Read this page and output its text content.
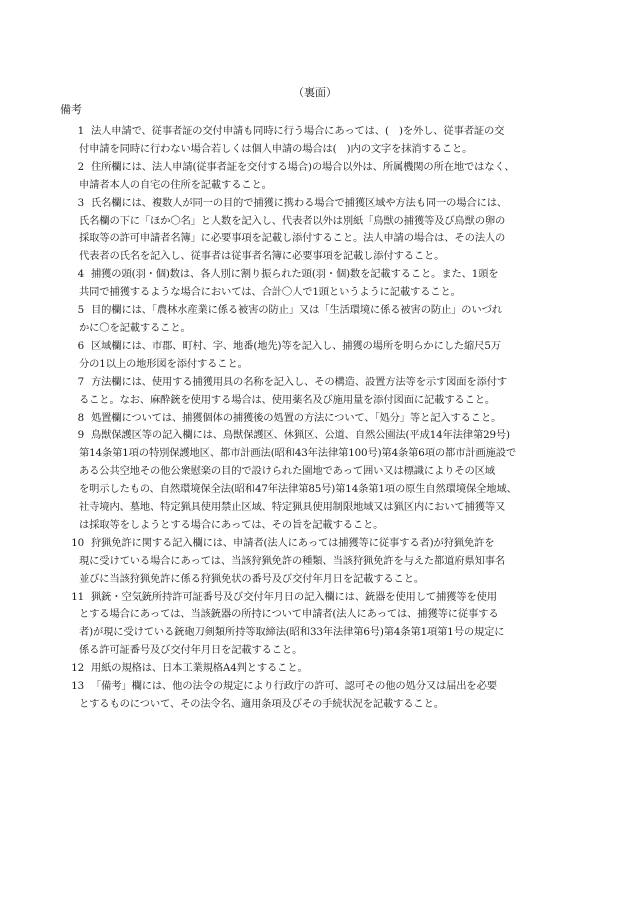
（裏面）
備考
1 法人申請で、従事者証の交付申請も同時に行う場合にあっては、(　)を外し、従事者証の交
付申請を同時に行わない場合若しくは個人申請の場合は(　)内の文字を抹消すること。
2 住所欄には、法人申請(従事者証を交付する場合)の場合以外は、所属機関の所在地ではなく、
申請者本人の自宅の住所を記載すること。
3 氏名欄には、複数人が同一の目的で捕獲に携わる場合で捕獲区域や方法も同一の場合には、
氏名欄の下に「ほか〇名」と人数を記入し、代表者以外は別紙「鳥獣の捕獲等及び鳥獣の卵の
採取等の許可申請者名簿」に必要事項を記載し添付すること。法人申請の場合は、その法人の
代表者の氏名を記入し、従事者は従事者名簿に必要事項を記載し添付すること。
4 捕獲の頭(羽・個)数は、各人別に割り振られた頭(羽・個)数を記載すること。また、1頭を
共同で捕獲するような場合においては、合計〇人で1頭というように記載すること。
5 目的欄には、「農林水産業に係る被害の防止」又は「生活環境に係る被害の防止」のいづれ
かに〇を記載すること。
6 区域欄には、市郡、町村、字、地番(地先)等を記入し、捕獲の場所を明らかにした縮尺5万
分の1以上の地形図を添付すること。
7 方法欄には、使用する捕獲用具の名称を記入し、その構造、設置方法等を示す図面を添付す
ること。なお、麻酔銃を使用する場合は、使用薬名及び施用量を添付図面に記載すること。
8 処置欄については、捕獲個体の捕獲後の処置の方法について、「処分」等と記入すること。
9 鳥獣保護区等の記入欄には、鳥獣保護区、休猟区、公道、自然公園法(平成14年法律第29号)
第14条第1項の特別保護地区、都市計画法(昭和43年法律第100号)第4条第6項の都市計画施設で
ある公共空地その他公衆慰楽の目的で設けられた園地であって囲い又は標識によりその区域
を明示したもの、自然環境保全法(昭和47年法律第85号)第14条第1項の原生自然環境保全地域、
社寺境内、墓地、特定猟具使用禁止区域、特定猟具使用制限地域又は猟区内において捕獲等又
は採取等をしようとする場合にあっては、その旨を記載すること。
10 狩猟免許に関する記入欄には、申請者(法人にあっては捕獲等に従事する者)が狩猟免許を
現に受けている場合にあっては、当該狩猟免許の種類、当該狩猟免許を与えた都道府県知事名
並びに当該狩猟免許に係る狩猟免状の番号及び交付年月日を記載すること。
11 猟銃・空気銃所持許可証番号及び交付年月日の記入欄には、銃器を使用して捕獲等を使用
とする場合にあっては、当該銃器の所持について申請者(法人にあっては、捕獲等に従事する
者)が現に受けている銃砲刀剣類所持等取締法(昭和33年法律第6号)第4条第1項第1号の規定に
係る許可証番号及び交付年月日を記載すること。
12 用紙の規格は、日本工業規格A4判とすること。
13 「備考」欄には、他の法令の規定により行政庁の許可、認可その他の処分又は届出を必要
とするものについて、その法令名、適用条項及びその手続状況を記載すること。
